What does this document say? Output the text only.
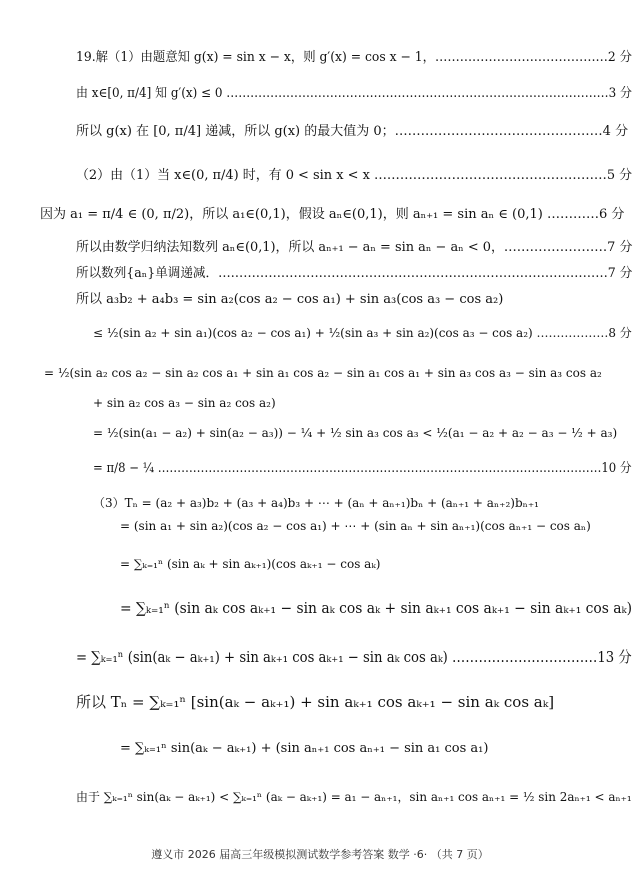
19.解（1）由题意知 g(x) = sin x − x，则 g′(x) = cos x − 1，……………………………………2 分
由 x∈[0, π/4] 知 g′(x) ≤ 0 ……………………………………………………………………………………3 分
所以 g(x) 在 [0, π/4] 递减，所以 g(x) 的最大值为 0；…………………………………………4 分
（2）由（1）当 x∈(0, π/4) 时，有 0 < sin x < x ………………………………………………5 分
因为 a₁ = π/4 ∈ (0, π/2)，所以 a₁∈(0,1)，假设 aₙ∈(0,1)，则 aₙ₊₁ = sin aₙ ∈ (0,1) …………6 分
所以由数学归纳法知数列 aₙ∈(0,1)，所以 aₙ₊₁ − aₙ = sin aₙ − aₙ < 0，……………………7 分
所以数列{aₙ}单调递减．…………………………………………………………………………………7 分
所以 a₃b₂ + a₄b₃ = sin a₂(cos a₂ − cos a₁) + sin a₃(cos a₃ − cos a₂)
≤ ½(sin a₂ + sin a₁)(cos a₂ − cos a₁) + ½(sin a₃ + sin a₂)(cos a₃ − cos a₂) ………………8 分
= ½(sin a₂ cos a₂ − sin a₂ cos a₁ + sin a₁ cos a₂ − sin a₁ cos a₁ + sin a₃ cos a₃ − sin a₃ cos a₂
+ sin a₂ cos a₃ − sin a₂ cos a₂)
= ½(sin(a₁ − a₂) + sin(a₂ − a₃)) − ¼ + ½ sin a₃ cos a₃ < ½(a₁ − a₂ + a₂ − a₃ − ½ + a₃)
= π/8 − ¼ ……………………………………………………………………………………………………10 分
（3）Tₙ = (a₂ + a₃)b₂ + (a₃ + a₄)b₃ + ⋯ + (aₙ + aₙ₊₁)bₙ + (aₙ₊₁ + aₙ₊₂)bₙ₊₁
= (sin a₁ + sin a₂)(cos a₂ − cos a₁) + ⋯ + (sin aₙ + sin aₙ₊₁)(cos aₙ₊₁ − cos aₙ)
= ∑ₖ₌₁ⁿ (sin aₖ + sin aₖ₊₁)(cos aₖ₊₁ − cos aₖ)
= ∑ₖ₌₁ⁿ (sin aₖ cos aₖ₊₁ − sin aₖ cos aₖ + sin aₖ₊₁ cos aₖ₊₁ − sin aₖ₊₁ cos aₖ)
= ∑ₖ₌₁ⁿ (sin(aₖ − aₖ₊₁) + sin aₖ₊₁ cos aₖ₊₁ − sin aₖ cos aₖ) ……………………………13 分
所以 Tₙ = ∑ₖ₌₁ⁿ [sin(aₖ − aₖ₊₁) + sin aₖ₊₁ cos aₖ₊₁ − sin aₖ cos aₖ]
= ∑ₖ₌₁ⁿ sin(aₖ − aₖ₊₁) + (sin aₙ₊₁ cos aₙ₊₁ − sin a₁ cos a₁)
由于 ∑ₖ₌₁ⁿ sin(aₖ − aₖ₊₁) < ∑ₖ₌₁ⁿ (aₖ − aₖ₊₁) = a₁ − aₙ₊₁，sin aₙ₊₁ cos aₙ₊₁ = ½ sin 2aₙ₊₁ < aₙ₊₁
遵义市 2026 届高三年级模拟测试数学参考答案 数学 ·6· （共 7 页）
